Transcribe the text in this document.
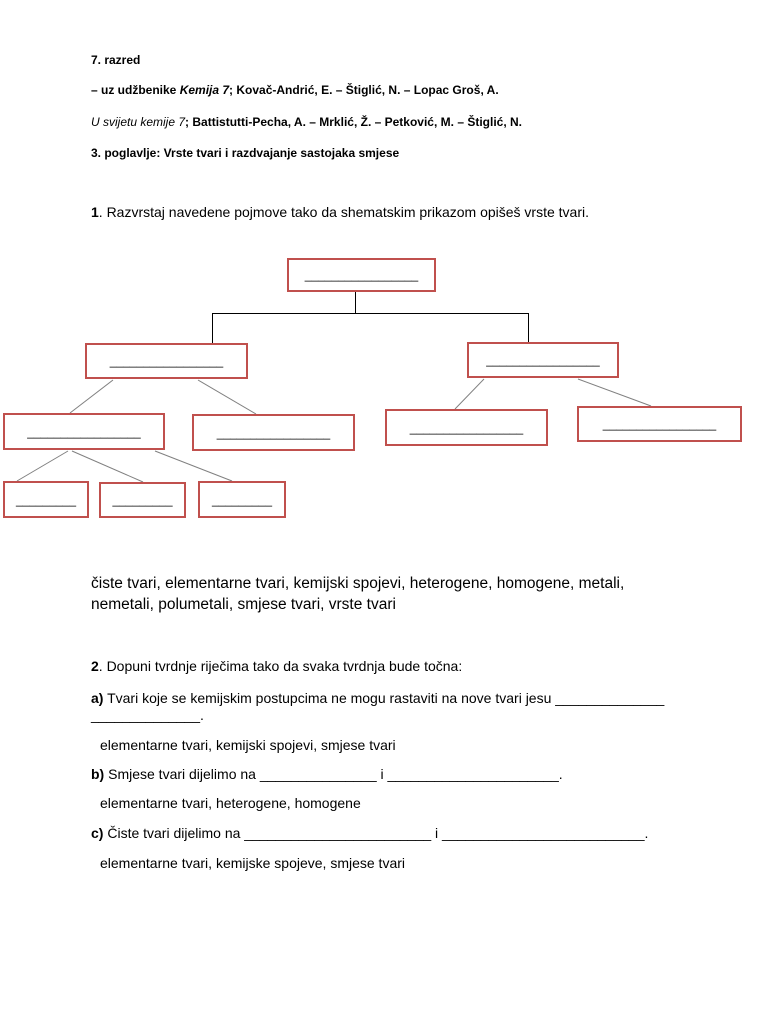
7. razred
– uz udžbenike Kemija 7; Kovač-Andrić, E. – Štiglić, N. – Lopac Groš, A.
U svijetu kemije 7; Battistutti-Pecha, A. – Mrklić, Ž. – Petković, M. – Štiglić, N.
3. poglavlje: Vrste tvari i razdvajanje sastojaka smjese
1. Razvrstaj navedene pojmove tako da shematskim prikazom opišeš vrste tvari.
_________________
_________________	_________________
_________________	_________________	_________________	_________________
_________	_________	_________
čiste tvari, elementarne tvari, kemijski spojevi, heterogene, homogene, metali,
nemetali, polumetali, smjese tvari, vrste tvari
2. Dopuni tvrdnje riječima tako da svaka tvrdnja bude točna:
a) Tvari koje se kemijskim postupcima ne mogu rastaviti na nove tvari jesu ______________
______________.
elementarne tvari, kemijski spojevi, smjese tvari
b) Smjese tvari dijelimo na _______________ i ______________________.
elementarne tvari, heterogene, homogene
c) Čiste tvari dijelimo na ________________________ i __________________________.
elementarne tvari, kemijske spojeve, smjese tvari
